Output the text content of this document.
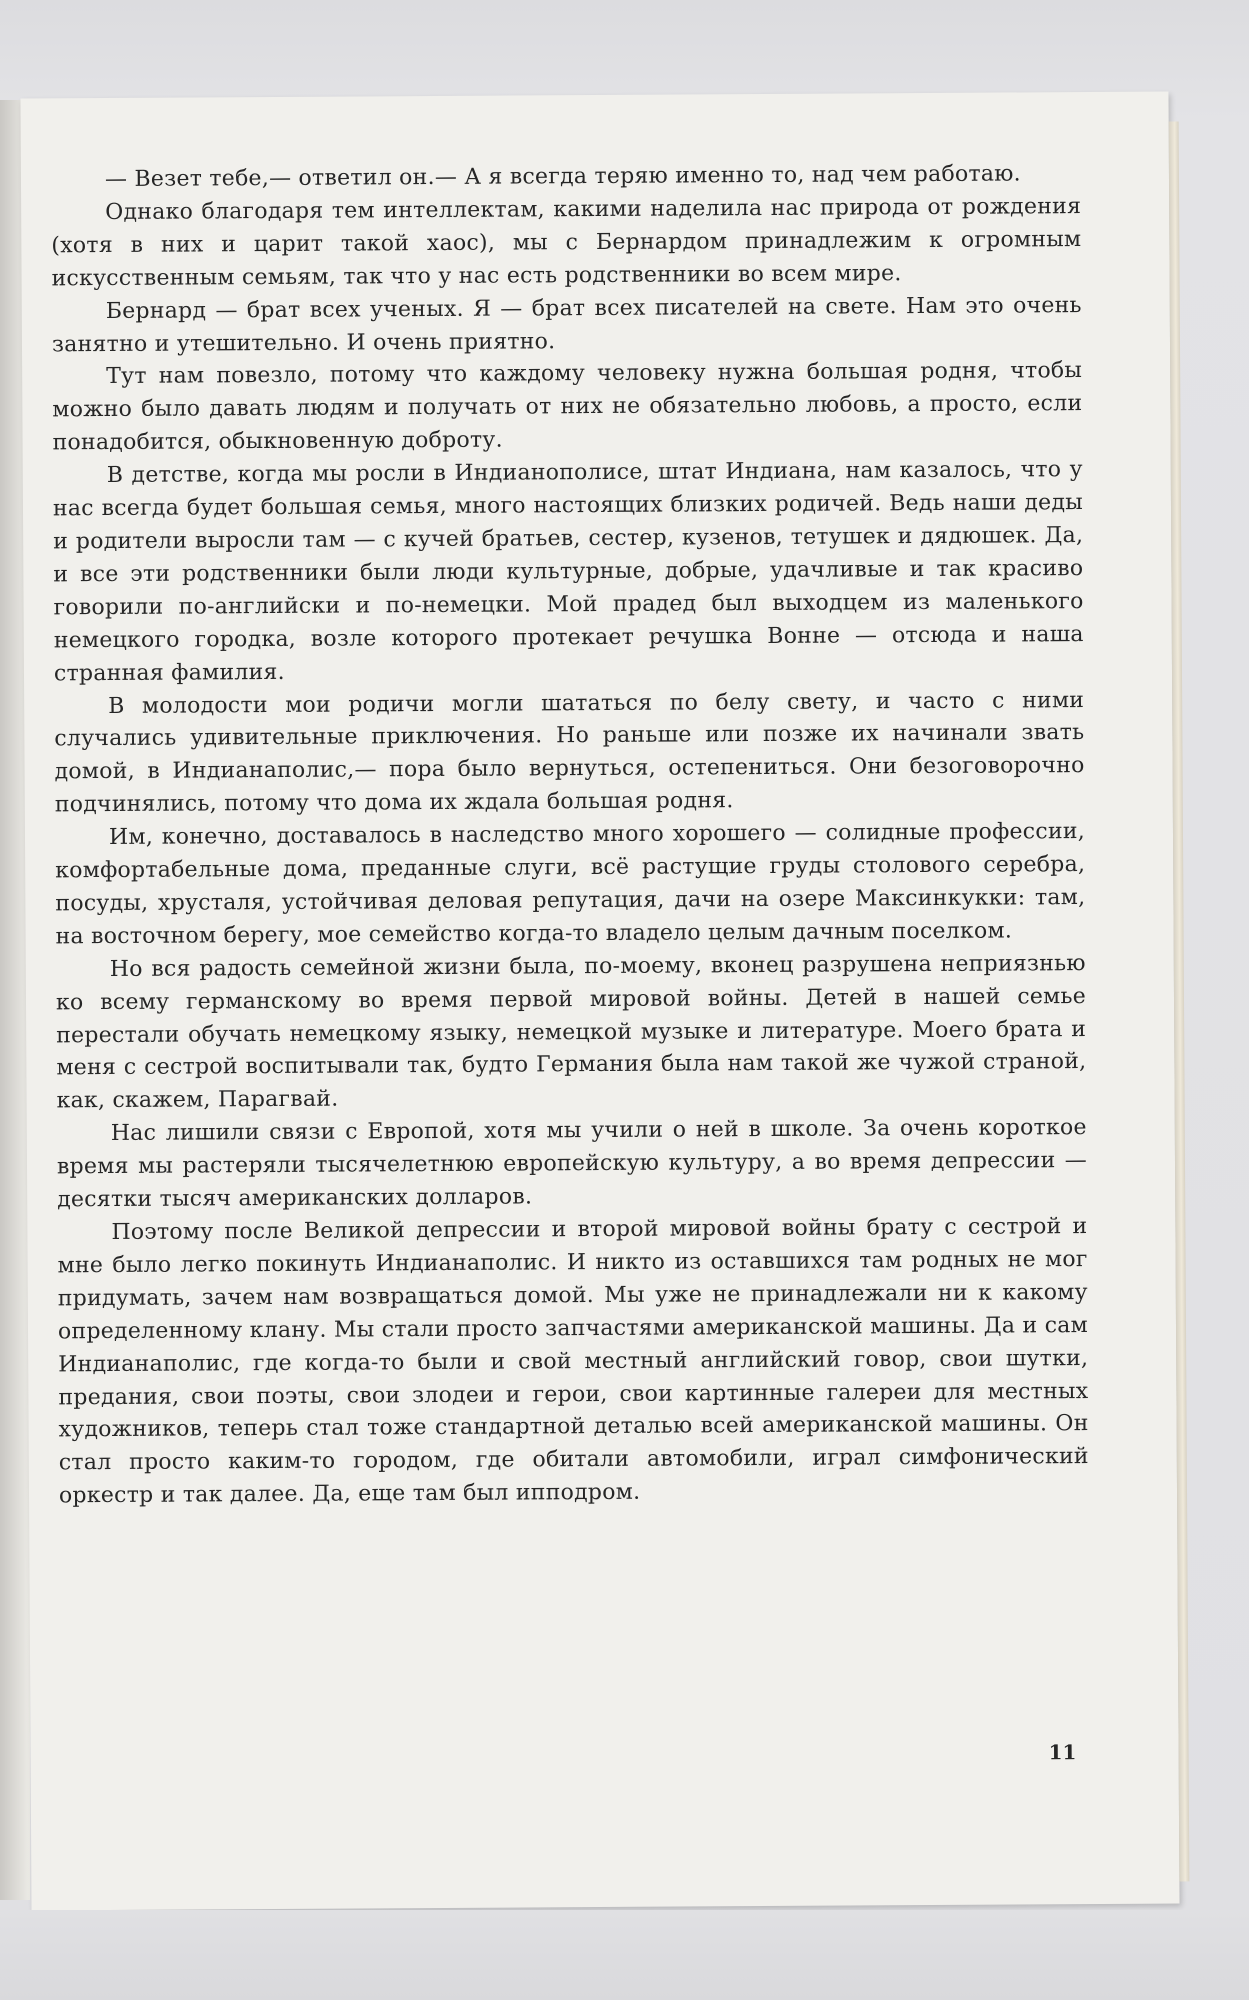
— Везет тебе,— ответил он.— А я всегда теряю именно то, над чем работаю.

Однако благодаря тем интеллектам, какими наделила нас природа от рождения (хотя в них и царит такой хаос), мы с Бернардом принадлежим к огромным искусственным семьям, так что у нас есть родственники во всем мире.

Бернард — брат всех ученых. Я — брат всех писателей на свете. Нам это очень занятно и утешительно. И очень приятно.

Тут нам повезло, потому что каждому человеку нужна большая родня, чтобы можно было давать людям и получать от них не обязательно любовь, а просто, если понадобится, обыкновенную доброту.

В детстве, когда мы росли в Индианополисе, штат Индиана, нам казалось, что у нас всегда будет большая семья, много настоящих близких родичей. Ведь наши деды и родители выросли там — с кучей братьев, сестер, кузенов, тетушек и дядюшек. Да, и все эти родственники были люди культурные, добрые, удачливые и так красиво говорили по-английски и по-немецки. Мой прадед был выходцем из маленького немецкого городка, возле которого протекает речушка Вонне — отсюда и наша странная фамилия.

В молодости мои родичи могли шататься по белу свету, и часто с ними случались удивительные приключения. Но раньше или позже их начинали звать домой, в Индианаполис,— пора было вернуться, остепениться. Они безоговорочно подчинялись, потому что дома их ждала большая родня.

Им, конечно, доставалось в наследство много хорошего — солидные профессии, комфортабельные дома, преданные слуги, всё растущие груды столового серебра, посуды, хрусталя, устойчивая деловая репутация, дачи на озере Максинкукки: там, на восточном берегу, мое семейство когда-то владело целым дачным поселком.

Но вся радость семейной жизни была, по-моему, вконец разрушена неприязнью ко всему германскому во время первой мировой войны. Детей в нашей семье перестали обучать немецкому языку, немецкой музыке и литературе. Моего брата и меня с сестрой воспитывали так, будто Германия была нам такой же чужой страной, как, скажем, Парагвай.

Нас лишили связи с Европой, хотя мы учили о ней в школе. За очень короткое время мы растеряли тысячелетнюю европейскую культуру, а во время депрессии — десятки тысяч американских долларов.

Поэтому после Великой депрессии и второй мировой войны брату с сестрой и мне было легко покинуть Индианаполис. И никто из оставшихся там родных не мог придумать, зачем нам возвращаться домой. Мы уже не принадлежали ни к какому определенному клану. Мы стали просто запчастями американской машины. Да и сам Индианаполис, где когда-то были и свой местный английский говор, свои шутки, предания, свои поэты, свои злодеи и герои, свои картинные галереи для местных художников, теперь стал тоже стандартной деталью всей американской машины. Он стал просто каким-то городом, где обитали автомобили, играл симфонический оркестр и так далее. Да, еще там был ипподром.

11
